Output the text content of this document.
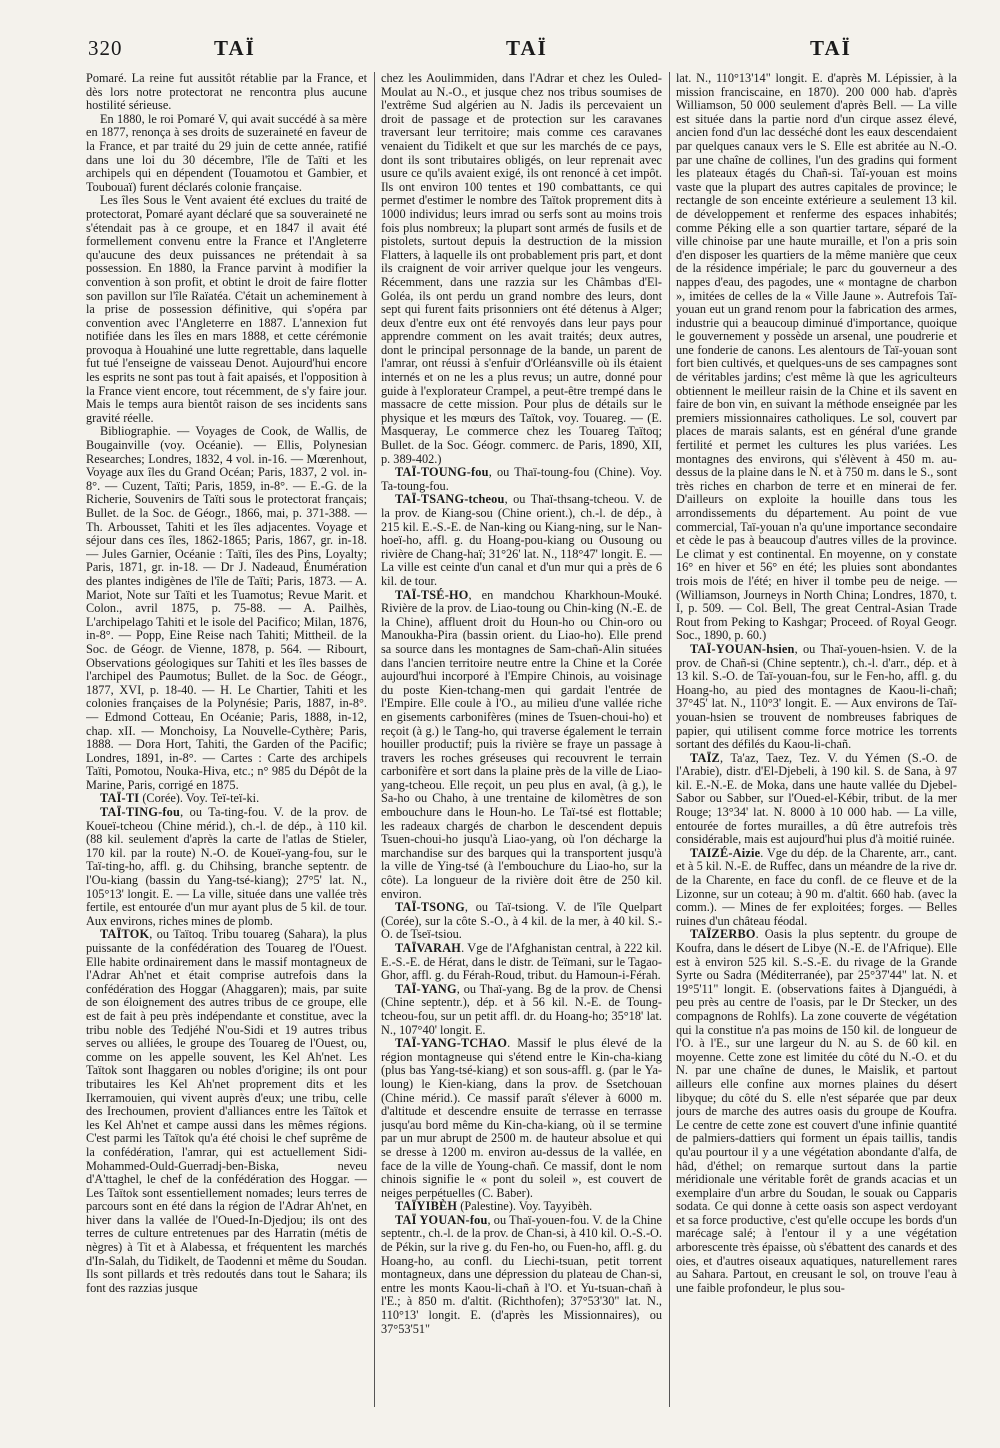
320	TAÏ	TAÏ	TAÏ

Pomaré. La reine fut aussitôt rétablie par la France, et dès lors notre protectorat ne rencontra plus aucune hostilité sérieuse.

En 1880, le roi Pomaré V, qui avait succédé à sa mère en 1877, renonça à ses droits de suzeraineté en faveur de la France, et par traité du 29 juin de cette année, ratifié dans une loi du 30 décembre, l'île de Taïti et les archipels qui en dépendent (Touamotou et Gambier, et Toubouaï) furent déclarés colonie française.

Les îles Sous le Vent avaient été exclues du traité de protectorat, Pomaré ayant déclaré que sa souveraineté ne s'étendait pas à ce groupe, et en 1847 il avait été formellement convenu entre la France et l'Angleterre qu'aucune des deux puissances ne prétendait à sa possession. En 1880, la France parvint à modifier la convention à son profit, et obtint le droit de faire flotter son pavillon sur l'île Raïatéa. C'était un acheminement à la prise de possession définitive, qui s'opéra par convention avec l'Angleterre en 1887. L'annexion fut notifiée dans les îles en mars 1888, et cette cérémonie provoqua à Houahiné une lutte regrettable, dans laquelle fut tué l'enseigne de vaisseau Denot. Aujourd'hui encore les esprits ne sont pas tout à fait apaisés, et l'opposition à la France vient encore, tout récemment, de s'y faire jour. Mais le temps aura bientôt raison de ses incidents sans gravité réelle.

Bibliographie. — Voyages de Cook, de Wallis, de Bougainville (voy. Océanie). — Ellis, Polynesian Researches; Londres, 1832, 4 vol. in-16. — Mœrenhout, Voyage aux îles du Grand Océan; Paris, 1837, 2 vol. in-8°. — Cuzent, Taïti; Paris, 1859, in-8°. — E.-G. de la Richerie, Souvenirs de Taïti sous le protectorat français; Bullet. de la Soc. de Géogr., 1866, mai, p. 371-388. — Th. Arbousset, Tahiti et les îles adjacentes. Voyage et séjour dans ces îles, 1862-1865; Paris, 1867, gr. in-18. — Jules Garnier, Océanie : Taïti, îles des Pins, Loyalty; Paris, 1871, gr. in-18. — Dr J. Nadeaud, Énumération des plantes indigènes de l'île de Taïti; Paris, 1873. — A. Mariot, Note sur Taïti et les Tuamotus; Revue Marit. et Colon., avril 1875, p. 75-88. — A. Pailhès, L'archipelago Tahiti et le isole del Pacifico; Milan, 1876, in-8°. — Popp, Eine Reise nach Tahiti; Mittheil. de la Soc. de Géogr. de Vienne, 1878, p. 564. — Ribourt, Observations géologiques sur Tahiti et les îles basses de l'archipel des Paumotus; Bullet. de la Soc. de Géogr., 1877, XVI, p. 18-40. — H. Le Chartier, Tahiti et les colonies françaises de la Polynésie; Paris, 1887, in-8°. — Edmond Cotteau, En Océanie; Paris, 1888, in-12, chap. xII. — Monchoisy, La Nouvelle-Cythère; Paris, 1888. — Dora Hort, Tahiti, the Garden of the Pacific; Londres, 1891, in-8°. — Cartes : Carte des archipels Taïti, Pomotou, Nouka-Hiva, etc.; n° 985 du Dépôt de la Marine, Paris, corrigé en 1875.

TAÏ-TI (Corée). Voy. Teï-teï-ki.

TAÏ-TING-fou, ou Ta-ting-fou. V. de la prov. de Koueï-tcheou (Chine mérid.), ch.-l. de dép., à 110 kil. (88 kil. seulement d'après la carte de l'atlas de Stieler, 170 kil. par la route) N.-O. de Koueï-yang-fou, sur le Taï-ting-ho, affl. g. du Chihsing, branche septentr. de l'Ou-kiang (bassin du Yang-tsé-kiang); 27°5' lat. N., 105°13' longit. E. — La ville, située dans une vallée très fertile, est entourée d'un mur ayant plus de 5 kil. de tour. Aux environs, riches mines de plomb.

TAÏTOK, ou Taïtoq. Tribu touareg (Sahara), la plus puissante de la confédération des Touareg de l'Ouest. Elle habite ordinairement dans le massif montagneux de l'Adrar Ah'net et était comprise autrefois dans la confédération des Hoggar (Ahaggaren); mais, par suite de son éloignement des autres tribus de ce groupe, elle est de fait à peu près indépendante et constitue, avec la tribu noble des Tedjéhé N'ou-Sidi et 19 autres tribus serves ou alliées, le groupe des Touareg de l'Ouest, ou, comme on les appelle souvent, les Kel Ah'net. Les Taïtok sont Ihaggaren ou nobles d'origine; ils ont pour tributaires les Kel Ah'net proprement dits et les Ikerramouien, qui vivent auprès d'eux; une tribu, celle des Irechoumen, provient d'alliances entre les Taïtok et les Kel Ah'net et campe aussi dans les mêmes régions. C'est parmi les Taïtok qu'a été choisi le chef suprême de la confédération, l'amrar, qui est actuellement Sidi-Mohammed-Ould-Guerradj-ben-Biska, neveu d'A'ttaghel, le chef de la confédération des Hoggar. — Les Taïtok sont essentiellement nomades; leurs terres de parcours sont en été dans la région de l'Adrar Ah'net, en hiver dans la vallée de l'Oued-In-Djedjou; ils ont des terres de culture entretenues par des Harratin (métis de nègres) à Tit et à Alabessa, et fréquentent les marchés d'In-Salah, du Tidikelt, de Taodenni et même du Soudan. Ils sont pillards et très redoutés dans tout le Sahara; ils font des razzias jusque

chez les Aoulimmiden, dans l'Adrar et chez les Ouled-Moulat au N.-O., et jusque chez nos tribus soumises de l'extrême Sud algérien au N. Jadis ils percevaient un droit de passage et de protection sur les caravanes traversant leur territoire; mais comme ces caravanes venaient du Tidikelt et que sur les marchés de ce pays, dont ils sont tributaires obligés, on leur reprenait avec usure ce qu'ils avaient exigé, ils ont renoncé à cet impôt. Ils ont environ 100 tentes et 190 combattants, ce qui permet d'estimer le nombre des Taïtok proprement dits à 1000 individus; leurs imrad ou serfs sont au moins trois fois plus nombreux; la plupart sont armés de fusils et de pistolets, surtout depuis la destruction de la mission Flatters, à laquelle ils ont probablement pris part, et dont ils craignent de voir arriver quelque jour les vengeurs. Récemment, dans une razzia sur les Châmbas d'El-Goléa, ils ont perdu un grand nombre des leurs, dont sept qui furent faits prisonniers ont été détenus à Alger; deux d'entre eux ont été renvoyés dans leur pays pour apprendre comment on les avait traités; deux autres, dont le principal personnage de la bande, un parent de l'amrar, ont réussi à s'enfuir d'Orléansville où ils étaient internés et on ne les a plus revus; un autre, donné pour guide à l'explorateur Crampel, a peut-être trempé dans le massacre de cette mission. Pour plus de détails sur le physique et les mœurs des Taïtok, voy. Touareg. — (E. Masqueray, Le commerce chez les Touareg Taïtoq; Bullet. de la Soc. Géogr. commerc. de Paris, 1890, XII, p. 389-402.)

TAÏ-TOUNG-fou, ou Thaï-toung-fou (Chine). Voy. Ta-toung-fou.

TAÏ-TSANG-tcheou, ou Thaï-thsang-tcheou. V. de la prov. de Kiang-sou (Chine orient.), ch.-l. de dép., à 215 kil. E.-S.-E. de Nan-king ou Kiang-ning, sur le Nan-hoeï-ho, affl. g. du Hoang-pou-kiang ou Ousoung ou rivière de Chang-haï; 31°26' lat. N., 118°47' longit. E. — La ville est ceinte d'un canal et d'un mur qui a près de 6 kil. de tour.

TAÏ-TSÉ-HO, en mandchou Kharkhoun-Mouké. Rivière de la prov. de Liao-toung ou Chin-king (N.-E. de la Chine), affluent droit du Houn-ho ou Chin-oro ou Manoukha-Pira (bassin orient. du Liao-ho). Elle prend sa source dans les montagnes de Sam-chañ-Alin situées dans l'ancien territoire neutre entre la Chine et la Corée aujourd'hui incorporé à l'Empire Chinois, au voisinage du poste Kien-tchang-men qui gardait l'entrée de l'Empire. Elle coule à l'O., au milieu d'une vallée riche en gisements carbonifères (mines de Tsuen-choui-ho) et reçoit (à g.) le Tang-ho, qui traverse également le terrain houiller productif; puis la rivière se fraye un passage à travers les roches gréseuses qui recouvrent le terrain carbonifère et sort dans la plaine près de la ville de Liao-yang-tcheou. Elle reçoit, un peu plus en aval, (à g.), le Sa-ho ou Chaho, à une trentaine de kilomètres de son embouchure dans le Houn-ho. Le Taï-tsé est flottable; les radeaux chargés de charbon le descendent depuis Tsuen-choui-ho jusqu'à Liao-yang, où l'on décharge la marchandise sur des barques qui la transportent jusqu'à la ville de Ying-tsé (à l'embouchure du Liao-ho, sur la côte). La longueur de la rivière doit être de 250 kil. environ.

TAÏ-TSONG, ou Taï-tsiong. V. de l'île Quelpart (Corée), sur la côte S.-O., à 4 kil. de la mer, à 40 kil. S.-O. de Tseï-tsiou.

TAÏVARAH. Vge de l'Afghanistan central, à 222 kil. E.-S.-E. de Hérat, dans le distr. de Teïmani, sur le Tagao-Ghor, affl. g. du Férah-Roud, tribut. du Hamoun-i-Férah.

TAÏ-YANG, ou Thaï-yang. Bg de la prov. de Chensi (Chine septentr.), dép. et à 56 kil. N.-E. de Toung-tcheou-fou, sur un petit affl. dr. du Hoang-ho; 35°18' lat. N., 107°40' longit. E.

TAÏ-YANG-TCHAO. Massif le plus élevé de la région montagneuse qui s'étend entre le Kin-cha-kiang (plus bas Yang-tsé-kiang) et son sous-affl. g. (par le Ya-loung) le Kien-kiang, dans la prov. de Ssetchouan (Chine mérid.). Ce massif paraît s'élever à 6000 m. d'altitude et descendre ensuite de terrasse en terrasse jusqu'au bord même du Kin-cha-kiang, où il se termine par un mur abrupt de 2500 m. de hauteur absolue et qui se dresse à 1200 m. environ au-dessus de la vallée, en face de la ville de Young-chañ. Ce massif, dont le nom chinois signifie le « pont du soleil », est couvert de neiges perpétuelles (C. Baber).

TAÏYIBÈH (Palestine). Voy. Tayyibèh.

TAÏ YOUAN-fou, ou Thaï-youen-fou. V. de la Chine septentr., ch.-l. de la prov. de Chan-si, à 410 kil. O.-S.-O. de Pékin, sur la rive g. du Fen-ho, ou Fuen-ho, affl. g. du Hoang-ho, au confl. du Liechi-tsuan, petit torrent montagneux, dans une dépression du plateau de Chan-si, entre les monts Kaou-li-chañ à l'O. et Yu-tsuan-chañ à l'E.; à 850 m. d'altit. (Richthofen); 37°53'30" lat. N., 110°13' longit. E. (d'après les Missionnaires), ou 37°53'51"

lat. N., 110°13'14" longit. E. d'après M. Lépissier, à la mission franciscaine, en 1870). 200 000 hab. d'après Williamson, 50 000 seulement d'après Bell. — La ville est située dans la partie nord d'un cirque assez élevé, ancien fond d'un lac desséché dont les eaux descendaient par quelques canaux vers le S. Elle est abritée au N.-O. par une chaîne de collines, l'un des gradins qui forment les plateaux étagés du Chañ-si. Taï-youan est moins vaste que la plupart des autres capitales de province; le rectangle de son enceinte extérieure a seulement 13 kil. de développement et renferme des espaces inhabités; comme Péking elle a son quartier tartare, séparé de la ville chinoise par une haute muraille, et l'on a pris soin d'en disposer les quartiers de la même manière que ceux de la résidence impériale; le parc du gouverneur a des nappes d'eau, des pagodes, une « montagne de charbon », imitées de celles de la « Ville Jaune ». Autrefois Taï-youan eut un grand renom pour la fabrication des armes, industrie qui a beaucoup diminué d'importance, quoique le gouvernement y possède un arsenal, une poudrerie et une fonderie de canons. Les alentours de Taï-youan sont fort bien cultivés, et quelques-uns de ses campagnes sont de véritables jardins; c'est même là que les agriculteurs obtiennent le meilleur raisin de la Chine et ils savent en faire de bon vin, en suivant la méthode enseignée par les premiers missionnaires catholiques. Le sol, couvert par places de marais salants, est en général d'une grande fertilité et permet les cultures les plus variées. Les montagnes des environs, qui s'élèvent à 450 m. au-dessus de la plaine dans le N. et à 750 m. dans le S., sont très riches en charbon de terre et en minerai de fer. D'ailleurs on exploite la houille dans tous les arrondissements du département. Au point de vue commercial, Taï-youan n'a qu'une importance secondaire et cède le pas à beaucoup d'autres villes de la province. Le climat y est continental. En moyenne, on y constate 16° en hiver et 56° en été; les pluies sont abondantes trois mois de l'été; en hiver il tombe peu de neige. — (Williamson, Journeys in North China; Londres, 1870, t. I, p. 509. — Col. Bell, The great Central-Asian Trade Rout from Peking to Kashgar; Proceed. of Royal Geogr. Soc., 1890, p. 60.)

TAÏ-YOUAN-hsien, ou Thaï-youen-hsien. V. de la prov. de Chañ-si (Chine septentr.), ch.-l. d'arr., dép. et à 13 kil. S.-O. de Taï-youan-fou, sur le Fen-ho, affl. g. du Hoang-ho, au pied des montagnes de Kaou-li-chañ; 37°45' lat. N., 110°3' longit. E. — Aux environs de Taï-youan-hsien se trouvent de nombreuses fabriques de papier, qui utilisent comme force motrice les torrents sortant des défilés du Kaou-li-chañ.

TAÏZ, Ta'az, Taez, Tez. V. du Yémen (S.-O. de l'Arabie), distr. d'El-Djebeli, à 190 kil. S. de Sana, à 97 kil. E.-N.-E. de Moka, dans une haute vallée du Djebel-Sabor ou Sabber, sur l'Oued-el-Kébir, tribut. de la mer Rouge; 13°34' lat. N. 8000 à 10 000 hab. — La ville, entourée de fortes murailles, a dû être autrefois très considérable, mais est aujourd'hui plus d'à moitié ruinée.

TAIZÉ-Aizie. Vge du dép. de la Charente, arr., cant. et à 5 kil. N.-E. de Ruffec, dans un méandre de la rive dr. de la Charente, en face du confl. de ce fleuve et de la Lizonne, sur un coteau; à 90 m. d'altit. 660 hab. (avec la comm.). — Mines de fer exploitées; forges. — Belles ruines d'un château féodal.

TAÏZERBO. Oasis la plus septentr. du groupe de Koufra, dans le désert de Libye (N.-E. de l'Afrique). Elle est à environ 525 kil. S.-S.-E. du rivage de la Grande Syrte ou Sadra (Méditerranée), par 25°37'44" lat. N. et 19°5'11" longit. E. (observations faites à Djanguédi, à peu près au centre de l'oasis, par le Dr Stecker, un des compagnons de Rohlfs). La zone couverte de végétation qui la constitue n'a pas moins de 150 kil. de longueur de l'O. à l'E., sur une largeur du N. au S. de 60 kil. en moyenne. Cette zone est limitée du côté du N.-O. et du N. par une chaîne de dunes, le Maislik, et partout ailleurs elle confine aux mornes plaines du désert libyque; du côté du S. elle n'est séparée que par deux jours de marche des autres oasis du groupe de Koufra. Le centre de cette zone est couvert d'une infinie quantité de palmiers-dattiers qui forment un épais taillis, tandis qu'au pourtour il y a une végétation abondante d'alfa, de hâd, d'éthel; on remarque surtout dans la partie méridionale une véritable forêt de grands acacias et un exemplaire d'un arbre du Soudan, le souak ou Capparis sodata. Ce qui donne à cette oasis son aspect verdoyant et sa force productive, c'est qu'elle occupe les bords d'un marécage salé; à l'entour il y a une végétation arborescente très épaisse, où s'ébattent des canards et des oies, et d'autres oiseaux aquatiques, naturellement rares au Sahara. Partout, en creusant le sol, on trouve l'eau à une faible profondeur, le plus sou-
